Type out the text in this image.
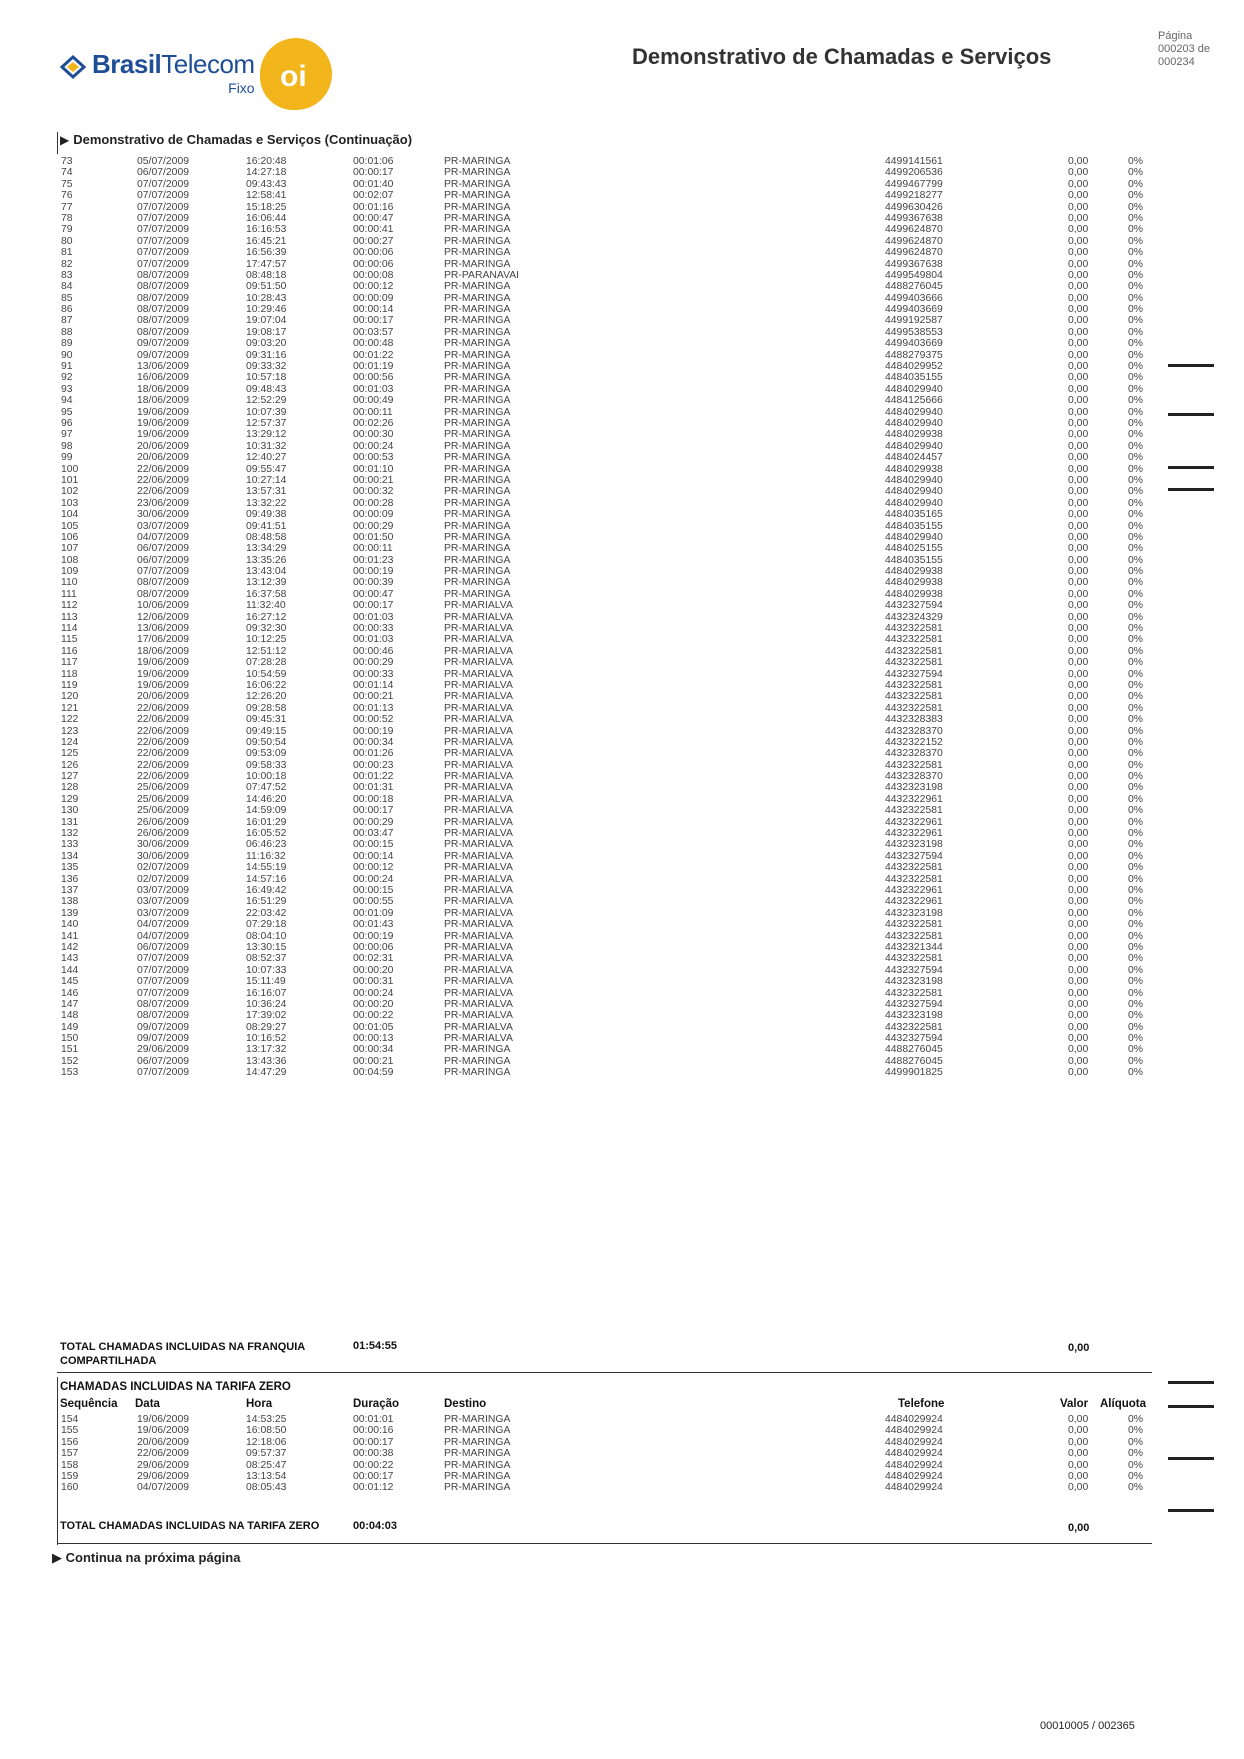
BrasilTelecom
Fixo oi
Demonstrativo de Chamadas e Serviços
Página
000203 de 000234
▶ Demonstrativo de Chamadas e Serviços (Continuação)
73	05/07/2009	16:20:48	00:01:06	PR-MARINGA	4499141561	0,00	0%
74	06/07/2009	14:27:18	00:00:17	PR-MARINGA	4499206536	0,00	0%
75	07/07/2009	09:43:43	00:01:40	PR-MARINGA	4499467799	0,00	0%
76	07/07/2009	12:58:41	00:02:07	PR-MARINGA	4499218277	0,00	0%
77	07/07/2009	15:18:25	00:01:16	PR-MARINGA	4499630426	0,00	0%
78	07/07/2009	16:06:44	00:00:47	PR-MARINGA	4499367638	0,00	0%
79	07/07/2009	16:16:53	00:00:41	PR-MARINGA	4499624870	0,00	0%
80	07/07/2009	16:45:21	00:00:27	PR-MARINGA	4499624870	0,00	0%
81	07/07/2009	16:56:39	00:00:06	PR-MARINGA	4499624870	0,00	0%
82	07/07/2009	17:47:57	00:00:06	PR-MARINGA	4499367638	0,00	0%
83	08/07/2009	08:48:18	00:00:08	PR-PARANAVAI	4499549804	0,00	0%
84	08/07/2009	09:51:50	00:00:12	PR-MARINGA	4488276045	0,00	0%
85	08/07/2009	10:28:43	00:00:09	PR-MARINGA	4499403666	0,00	0%
86	08/07/2009	10:29:46	00:00:14	PR-MARINGA	4499403669	0,00	0%
87	08/07/2009	19:07:04	00:00:17	PR-MARINGA	4499192587	0,00	0%
88	08/07/2009	19:08:17	00:03:57	PR-MARINGA	4499538553	0,00	0%
89	09/07/2009	09:03:20	00:00:48	PR-MARINGA	4499403669	0,00	0%
90	09/07/2009	09:31:16	00:01:22	PR-MARINGA	4488279375	0,00	0%
91	13/06/2009	09:33:32	00:01:19	PR-MARINGA	4484029952	0,00	0%
92	16/06/2009	10:57:18	00:00:56	PR-MARINGA	4484035155	0,00	0%
93	18/06/2009	09:48:43	00:01:03	PR-MARINGA	4484029940	0,00	0%
94	18/06/2009	12:52:29	00:00:49	PR-MARINGA	4484125666	0,00	0%
95	19/06/2009	10:07:39	00:00:11	PR-MARINGA	4484029940	0,00	0%
96	19/06/2009	12:57:37	00:02:26	PR-MARINGA	4484029940	0,00	0%
97	19/06/2009	13:29:12	00:00:30	PR-MARINGA	4484029938	0,00	0%
98	20/06/2009	10:31:32	00:00:24	PR-MARINGA	4484029940	0,00	0%
99	20/06/2009	12:40:27	00:00:53	PR-MARINGA	4484024457	0,00	0%
100	22/06/2009	09:55:47	00:01:10	PR-MARINGA	4484029938	0,00	0%
101	22/06/2009	10:27:14	00:00:21	PR-MARINGA	4484029940	0,00	0%
102	22/06/2009	13:57:31	00:00:32	PR-MARINGA	4484029940	0,00	0%
103	23/06/2009	13:32:22	00:00:28	PR-MARINGA	4484029940	0,00	0%
104	30/06/2009	09:49:38	00:00:09	PR-MARINGA	4484035165	0,00	0%
105	03/07/2009	09:41:51	00:00:29	PR-MARINGA	4484035155	0,00	0%
106	04/07/2009	08:48:58	00:01:50	PR-MARINGA	4484029940	0,00	0%
107	06/07/2009	13:34:29	00:00:11	PR-MARINGA	4484025155	0,00	0%
108	06/07/2009	13:35:26	00:01:23	PR-MARINGA	4484035155	0,00	0%
109	07/07/2009	13:43:04	00:00:19	PR-MARINGA	4484029938	0,00	0%
110	08/07/2009	13:12:39	00:00:39	PR-MARINGA	4484029938	0,00	0%
111	08/07/2009	16:37:58	00:00:47	PR-MARINGA	4484029938	0,00	0%
112	10/06/2009	11:32:40	00:00:17	PR-MARIALVA	4432327594	0,00	0%
113	12/06/2009	16:27:12	00:01:03	PR-MARIALVA	4432324329	0,00	0%
114	13/06/2009	09:32:30	00:00:33	PR-MARIALVA	4432322581	0,00	0%
115	17/06/2009	10:12:25	00:01:03	PR-MARIALVA	4432322581	0,00	0%
116	18/06/2009	12:51:12	00:00:46	PR-MARIALVA	4432322581	0,00	0%
117	19/06/2009	07:28:28	00:00:29	PR-MARIALVA	4432322581	0,00	0%
118	19/06/2009	10:54:59	00:00:33	PR-MARIALVA	4432327594	0,00	0%
119	19/06/2009	16:06:22	00:01:14	PR-MARIALVA	4432322581	0,00	0%
120	20/06/2009	12:26:20	00:00:21	PR-MARIALVA	4432322581	0,00	0%
121	22/06/2009	09:28:58	00:01:13	PR-MARIALVA	4432322581	0,00	0%
122	22/06/2009	09:45:31	00:00:52	PR-MARIALVA	4432328383	0,00	0%
123	22/06/2009	09:49:15	00:00:19	PR-MARIALVA	4432328370	0,00	0%
124	22/06/2009	09:50:54	00:00:34	PR-MARIALVA	4432322152	0,00	0%
125	22/06/2009	09:53:09	00:01:26	PR-MARIALVA	4432328370	0,00	0%
126	22/06/2009	09:58:33	00:00:23	PR-MARIALVA	4432322581	0,00	0%
127	22/06/2009	10:00:18	00:01:22	PR-MARIALVA	4432328370	0,00	0%
128	25/06/2009	07:47:52	00:01:31	PR-MARIALVA	4432323198	0,00	0%
129	25/06/2009	14:46:20	00:00:18	PR-MARIALVA	4432322961	0,00	0%
130	25/06/2009	14:59:09	00:00:17	PR-MARIALVA	4432322581	0,00	0%
131	26/06/2009	16:01:29	00:00:29	PR-MARIALVA	4432322961	0,00	0%
132	26/06/2009	16:05:52	00:03:47	PR-MARIALVA	4432322961	0,00	0%
133	30/06/2009	06:46:23	00:00:15	PR-MARIALVA	4432323198	0,00	0%
134	30/06/2009	11:16:32	00:00:14	PR-MARIALVA	4432327594	0,00	0%
135	02/07/2009	14:55:19	00:00:12	PR-MARIALVA	4432322581	0,00	0%
136	02/07/2009	14:57:16	00:00:24	PR-MARIALVA	4432322581	0,00	0%
137	03/07/2009	16:49:42	00:00:15	PR-MARIALVA	4432322961	0,00	0%
138	03/07/2009	16:51:29	00:00:55	PR-MARIALVA	4432322961	0,00	0%
139	03/07/2009	22:03:42	00:01:09	PR-MARIALVA	4432323198	0,00	0%
140	04/07/2009	07:29:18	00:01:43	PR-MARIALVA	4432322581	0,00	0%
141	04/07/2009	08:04:10	00:00:19	PR-MARIALVA	4432322581	0,00	0%
142	06/07/2009	13:30:15	00:00:06	PR-MARIALVA	4432321344	0,00	0%
143	07/07/2009	08:52:37	00:02:31	PR-MARIALVA	4432322581	0,00	0%
144	07/07/2009	10:07:33	00:00:20	PR-MARIALVA	4432327594	0,00	0%
145	07/07/2009	15:11:49	00:00:31	PR-MARIALVA	4432323198	0,00	0%
146	07/07/2009	16:16:07	00:00:24	PR-MARIALVA	4432322581	0,00	0%
147	08/07/2009	10:36:24	00:00:20	PR-MARIALVA	4432327594	0,00	0%
148	08/07/2009	17:39:02	00:00:22	PR-MARIALVA	4432323198	0,00	0%
149	09/07/2009	08:29:27	00:01:05	PR-MARIALVA	4432322581	0,00	0%
150	09/07/2009	10:16:52	00:00:13	PR-MARIALVA	4432327594	0,00	0%
151	29/06/2009	13:17:32	00:00:34	PR-MARINGA	4488276045	0,00	0%
152	06/07/2009	13:43:36	00:00:21	PR-MARINGA	4488276045	0,00	0%
153	07/07/2009	14:47:29	00:04:59	PR-MARINGA	4499901825	0,00	0%
TOTAL CHAMADAS INCLUIDAS NA FRANQUIA COMPARTILHADA
01:54:55	0,00
CHAMADAS INCLUIDAS NA TARIFA ZERO
Sequência Data	Hora	Duração	Destino	Telefone	Valor Alíquota
154	19/06/2009	14:53:25	00:01:01	PR-MARINGA	4484029924	0,00	0%
155	19/06/2009	16:08:50	00:00:16	PR-MARINGA	4484029924	0,00	0%
156	20/06/2009	12:18:06	00:00:17	PR-MARINGA	4484029924	0,00	0%
157	22/06/2009	09:57:37	00:00:38	PR-MARINGA	4484029924	0,00	0%
158	29/06/2009	08:25:47	00:00:22	PR-MARINGA	4484029924	0,00	0%
159	29/06/2009	13:13:54	00:00:17	PR-MARINGA	4484029924	0,00	0%
160	04/07/2009	08:05:43	00:01:12	PR-MARINGA	4484029924	0,00	0%
TOTAL CHAMADAS INCLUIDAS NA TARIFA ZERO	00:04:03	0,00
▶ Continua na próxima página
00010005 / 002365
